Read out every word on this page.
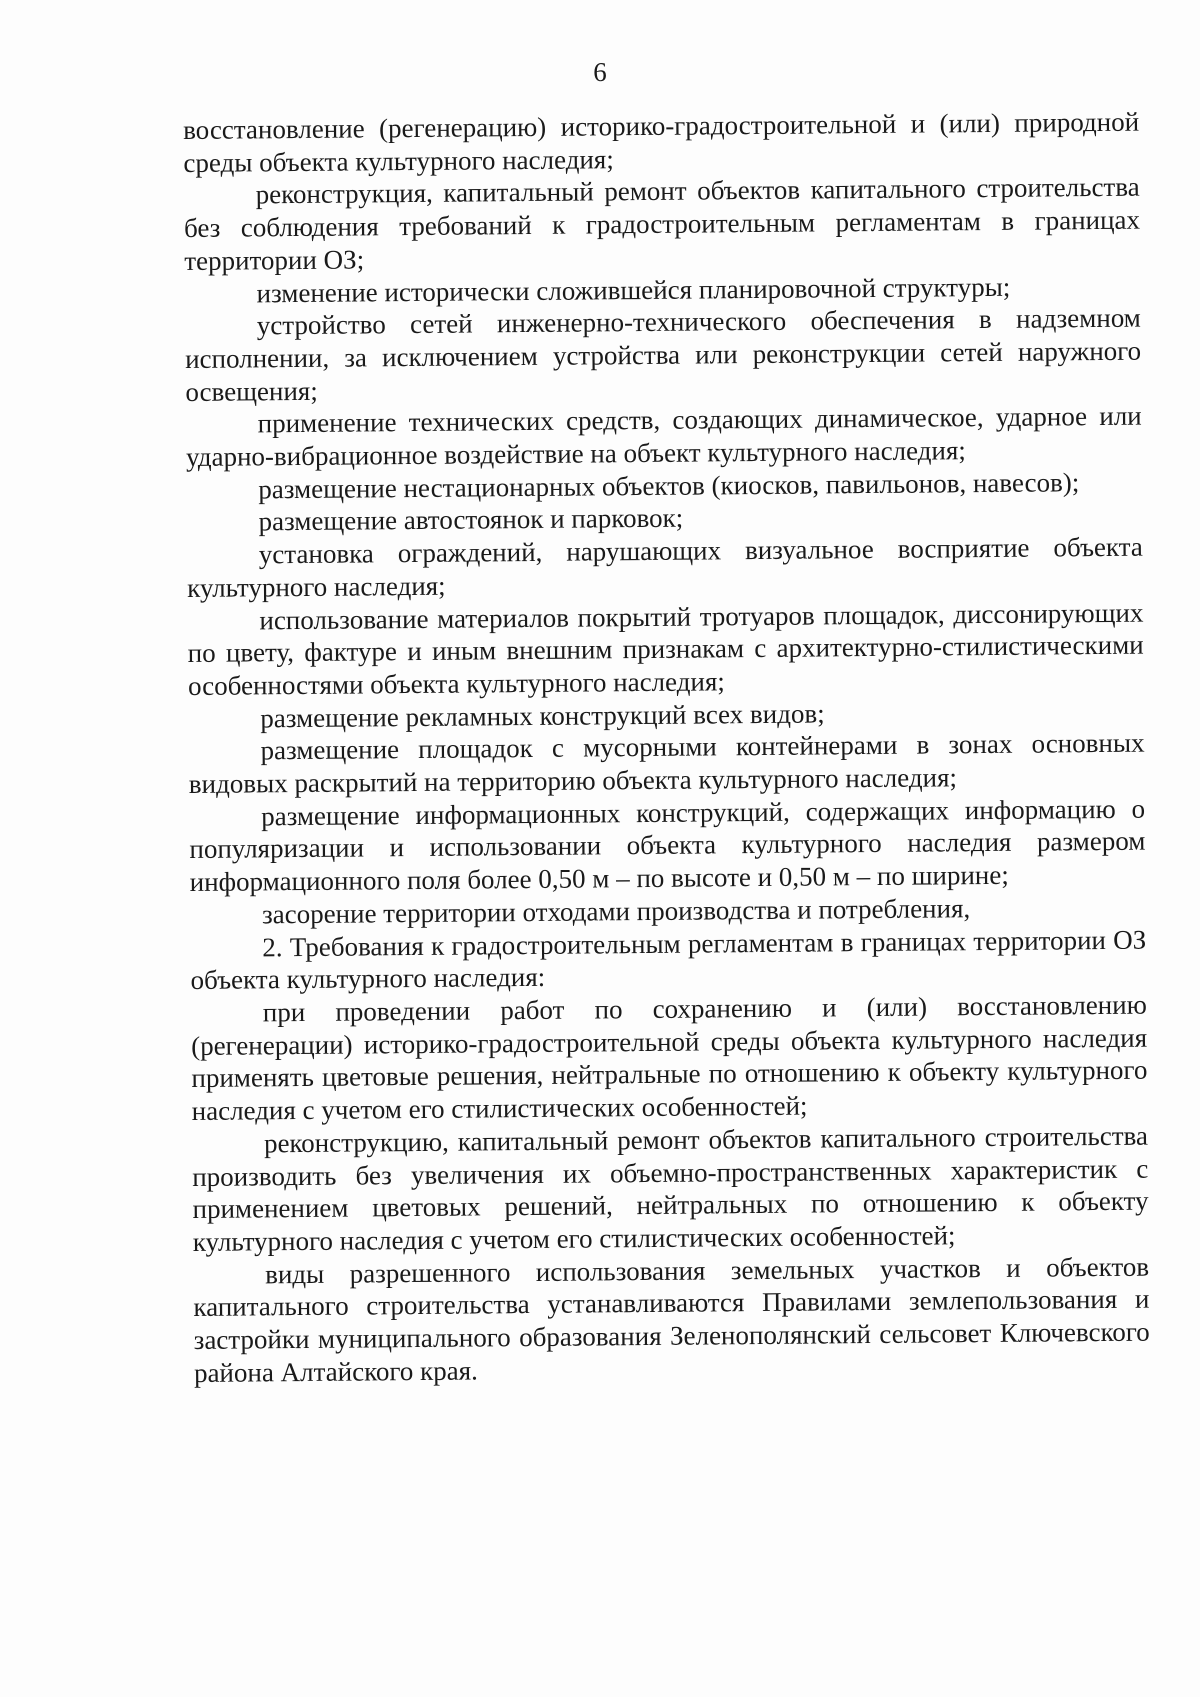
6

восстановление (регенерацию) историко-градостроительной и (или) природной среды объекта культурного наследия;

реконструкция, капитальный ремонт объектов капитального строительства без соблюдения требований к градостроительным регламентам в границах территории ОЗ;

изменение исторически сложившейся планировочной структуры;

устройство сетей инженерно-технического обеспечения в надземном исполнении, за исключением устройства или реконструкции сетей наружного освещения;

применение технических средств, создающих динамическое, ударное или ударно-вибрационное воздействие на объект культурного наследия;

размещение нестационарных объектов (киосков, павильонов, навесов);

размещение автостоянок и парковок;

установка ограждений, нарушающих визуальное восприятие объекта культурного наследия;

использование материалов покрытий тротуаров площадок, диссонирующих по цвету, фактуре и иным внешним признакам с архитектурно-стилистическими особенностями объекта культурного наследия;

размещение рекламных конструкций всех видов;

размещение площадок с мусорными контейнерами в зонах основных видовых раскрытий на территорию объекта культурного наследия;

размещение информационных конструкций, содержащих информацию о популяризации и использовании объекта культурного наследия размером информационного поля более 0,50 м – по высоте и 0,50 м – по ширине;

засорение территории отходами производства и потребления,

2. Требования к градостроительным регламентам в границах территории ОЗ объекта культурного наследия:

при проведении работ по сохранению и (или) восстановлению (регенерации) историко-градостроительной среды объекта культурного наследия применять цветовые решения, нейтральные по отношению к объекту культурного наследия с учетом его стилистических особенностей;

реконструкцию, капитальный ремонт объектов капитального строительства производить без увеличения их объемно-пространственных характеристик с применением цветовых решений, нейтральных по отношению к объекту культурного наследия с учетом его стилистических особенностей;

виды разрешенного использования земельных участков и объектов капитального строительства устанавливаются Правилами землепользования и застройки муниципального образования Зеленополянский сельсовет Ключевского района Алтайского края.
